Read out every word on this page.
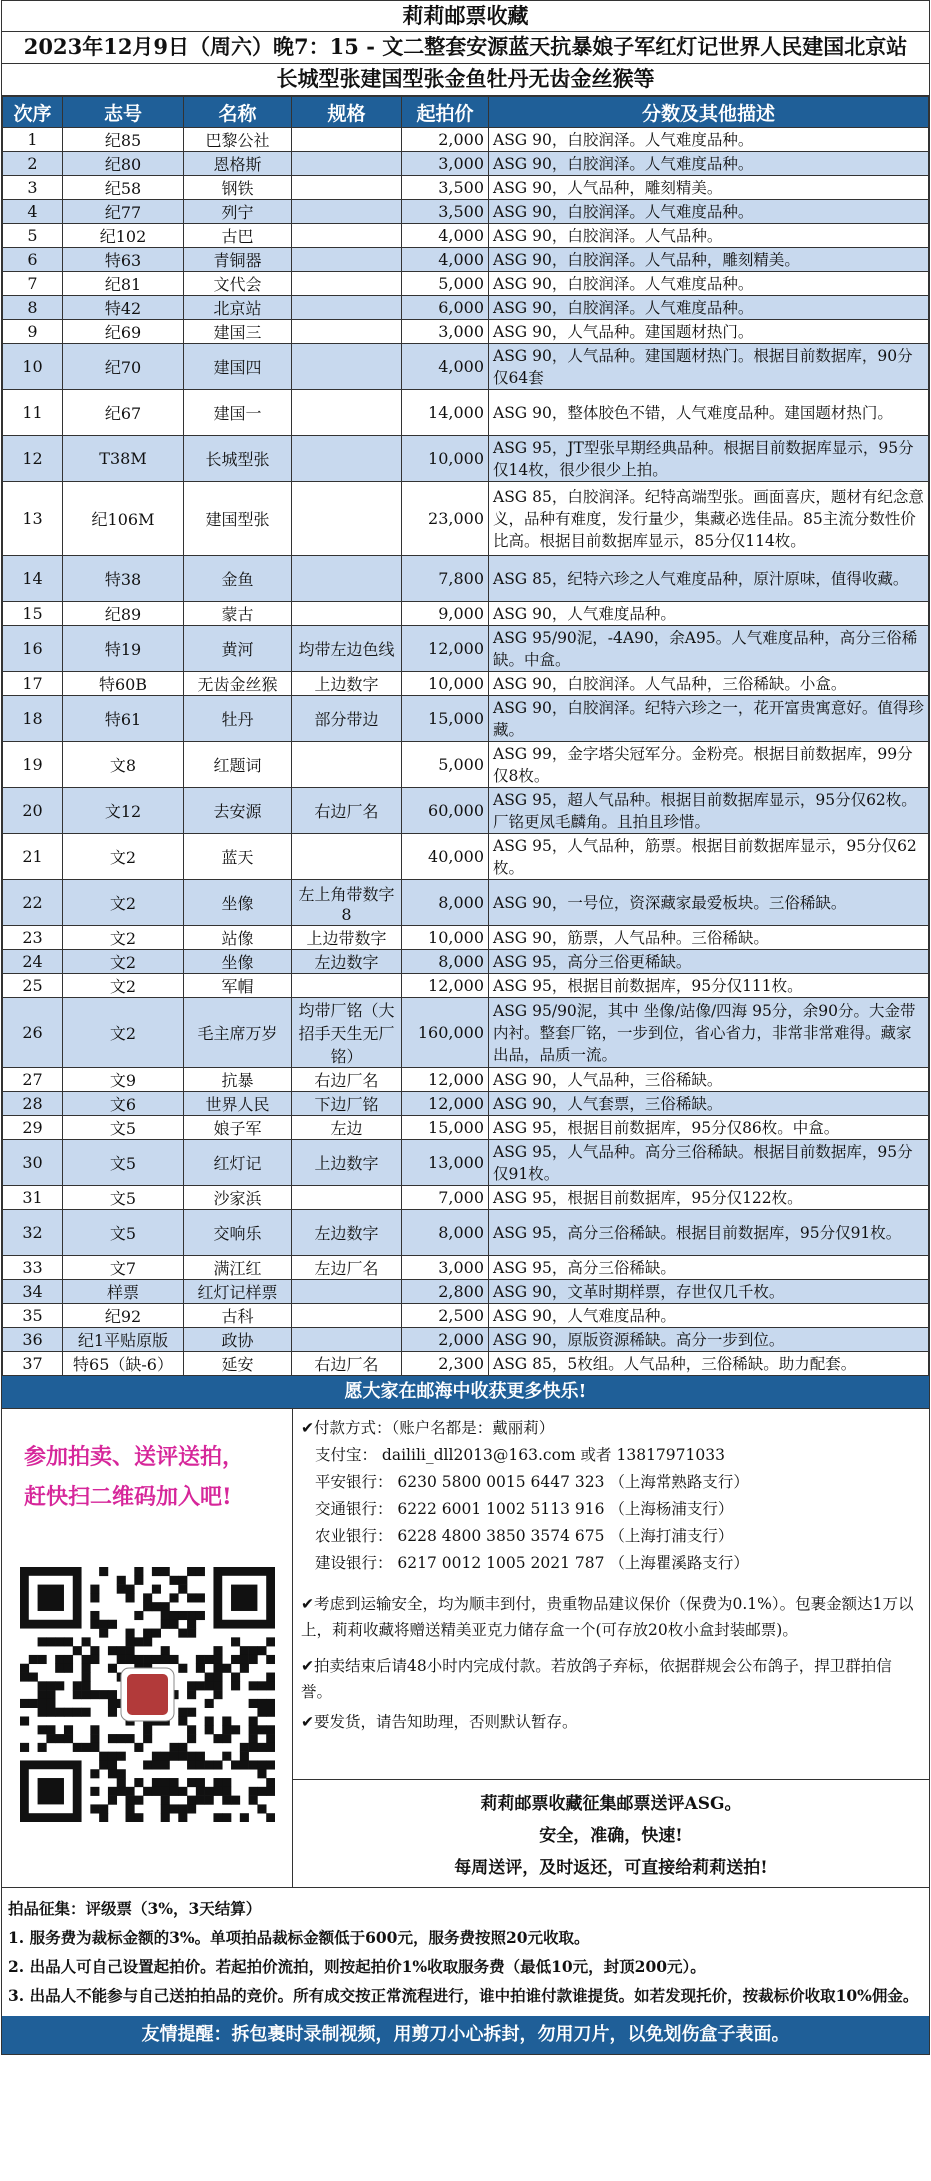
莉莉邮票收藏
2023年12月9日（周六）晚7：15 - 文二整套安源蓝天抗暴娘子军红灯记世界人民建国北京站
长城型张建国型张金鱼牡丹无齿金丝猴等
次序	志号	名称	规格	起拍价	分数及其他描述
1	纪85	巴黎公社		2,000	ASG 90，白胶润泽。人气难度品种。
2	纪80	恩格斯		3,000	ASG 90，白胶润泽。人气难度品种。
3	纪58	钢铁		3,500	ASG 90，人气品种，雕刻精美。
4	纪77	列宁		3,500	ASG 90，白胶润泽。人气难度品种。
5	纪102	古巴		4,000	ASG 90，白胶润泽。人气品种。
6	特63	青铜器		4,000	ASG 90，白胶润泽。人气品种，雕刻精美。
7	纪81	文代会		5,000	ASG 90，白胶润泽。人气难度品种。
8	特42	北京站		6,000	ASG 90，白胶润泽。人气难度品种。
9	纪69	建国三		3,000	ASG 90，人气品种。建国题材热门。
10	纪70	建国四		4,000	ASG 90，人气品种。建国题材热门。根据目前数据库，90分仅64套
11	纪67	建国一		14,000	ASG 90，整体胶色不错，人气难度品种。建国题材热门。
12	T38M	长城型张		10,000	ASG 95，JT型张早期经典品种。根据目前数据库显示，95分仅14枚，很少很少上拍。
13	纪106M	建国型张		23,000	ASG 85，白胶润泽。纪特高端型张。画面喜庆，题材有纪念意义，品种有难度，发行量少，集藏必选佳品。85主流分数性价比高。根据目前数据库显示，85分仅114枚。
14	特38	金鱼		7,800	ASG 85，纪特六珍之人气难度品种，原汁原味，值得收藏。
15	纪89	蒙古		9,000	ASG 90，人气难度品种。
16	特19	黄河	均带左边色线	12,000	ASG 95/90泥，-4A90，余A95。人气难度品种，高分三俗稀缺。中盒。
17	特60B	无齿金丝猴	上边数字	10,000	ASG 90，白胶润泽。人气品种，三俗稀缺。小盒。
18	特61	牡丹	部分带边	15,000	ASG 90，白胶润泽。纪特六珍之一，花开富贵寓意好。值得珍藏。
19	文8	红题词		5,000	ASG 99，金字塔尖冠军分。金粉亮。根据目前数据库，99分仅8枚。
20	文12	去安源	右边厂名	60,000	ASG 95，超人气品种。根据目前数据库显示，95分仅62枚。厂铭更凤毛麟角。且拍且珍惜。
21	文2	蓝天		40,000	ASG 95，人气品种，筋票。根据目前数据库显示，95分仅62枚。
22	文2	坐像	左上角带数字8	8,000	ASG 90，一号位，资深藏家最爱板块。三俗稀缺。
23	文2	站像	上边带数字	10,000	ASG 90，筋票，人气品种。三俗稀缺。
24	文2	坐像	左边数字	8,000	ASG 95，高分三俗更稀缺。
25	文2	军帽		12,000	ASG 95，根据目前数据库，95分仅111枚。
26	文2	毛主席万岁	均带厂铭（大招手天生无厂铭）	160,000	ASG 95/90泥，其中 坐像/站像/四海 95分，余90分。大金带内衬。整套厂铭，一步到位，省心省力，非常非常难得。藏家出品，品质一流。
27	文9	抗暴	右边厂名	12,000	ASG 90，人气品种，三俗稀缺。
28	文6	世界人民	下边厂铭	12,000	ASG 90，人气套票，三俗稀缺。
29	文5	娘子军	左边	15,000	ASG 95，根据目前数据库，95分仅86枚。中盒。
30	文5	红灯记	上边数字	13,000	ASG 95，人气品种。高分三俗稀缺。根据目前数据库，95分仅91枚。
31	文5	沙家浜		7,000	ASG 95，根据目前数据库，95分仅122枚。
32	文5	交响乐	左边数字	8,000	ASG 95，高分三俗稀缺。根据目前数据库，95分仅91枚。
33	文7	满江红	左边厂名	3,000	ASG 95，高分三俗稀缺。
34	样票	红灯记样票		2,800	ASG 90，文革时期样票，存世仅几千枚。
35	纪92	古科		2,500	ASG 90，人气难度品种。
36	纪1平贴原版	政协		2,000	ASG 90，原版资源稀缺。高分一步到位。
37	特65（缺-6）	延安	右边厂名	2,300	ASG 85，5枚组。人气品种，三俗稀缺。助力配套。
愿大家在邮海中收获更多快乐!
参加拍卖、送评送拍，
赶快扫二维码加入吧!
✔付款方式：（账户名都是：戴丽莉）
支付宝： dailili_dll2013@163.com 或者 13817971033
平安银行： 6230 5800 0015 6447 323 （上海常熟路支行）
交通银行： 6222 6001 1002 5113 916 （上海杨浦支行）
农业银行： 6228 4800 3850 3574 675 （上海打浦支行）
建设银行： 6217 0012 1005 2021 787 （上海瞿溪路支行）
✔考虑到运输安全，均为顺丰到付，贵重物品建议保价（保费为0.1%）。包裹金额达1万以上，莉莉收藏将赠送精美亚克力储存盒一个(可存放20枚小盒封装邮票)。
✔拍卖结束后请48小时内完成付款。若放鸽子弃标，依据群规会公布鸽子，捍卫群拍信誉。
✔要发货，请告知助理，否则默认暂存。
莉莉邮票收藏征集邮票送评ASG。
安全，准确，快速!
每周送评，及时返还，可直接给莉莉送拍!
拍品征集：评级票（3%，3天结算）
1. 服务费为裁标金额的3%。单项拍品裁标金额低于600元，服务费按照20元收取。
2. 出品人可自己设置起拍价。若起拍价流拍，则按起拍价1%收取服务费（最低10元，封顶200元）。
3. 出品人不能参与自己送拍拍品的竞价。所有成交按正常流程进行，谁中拍谁付款谁提货。如若发现托价，按裁标价收取10%佣金。
友情提醒：拆包裹时录制视频，用剪刀小心拆封，勿用刀片，以免划伤盒子表面。
